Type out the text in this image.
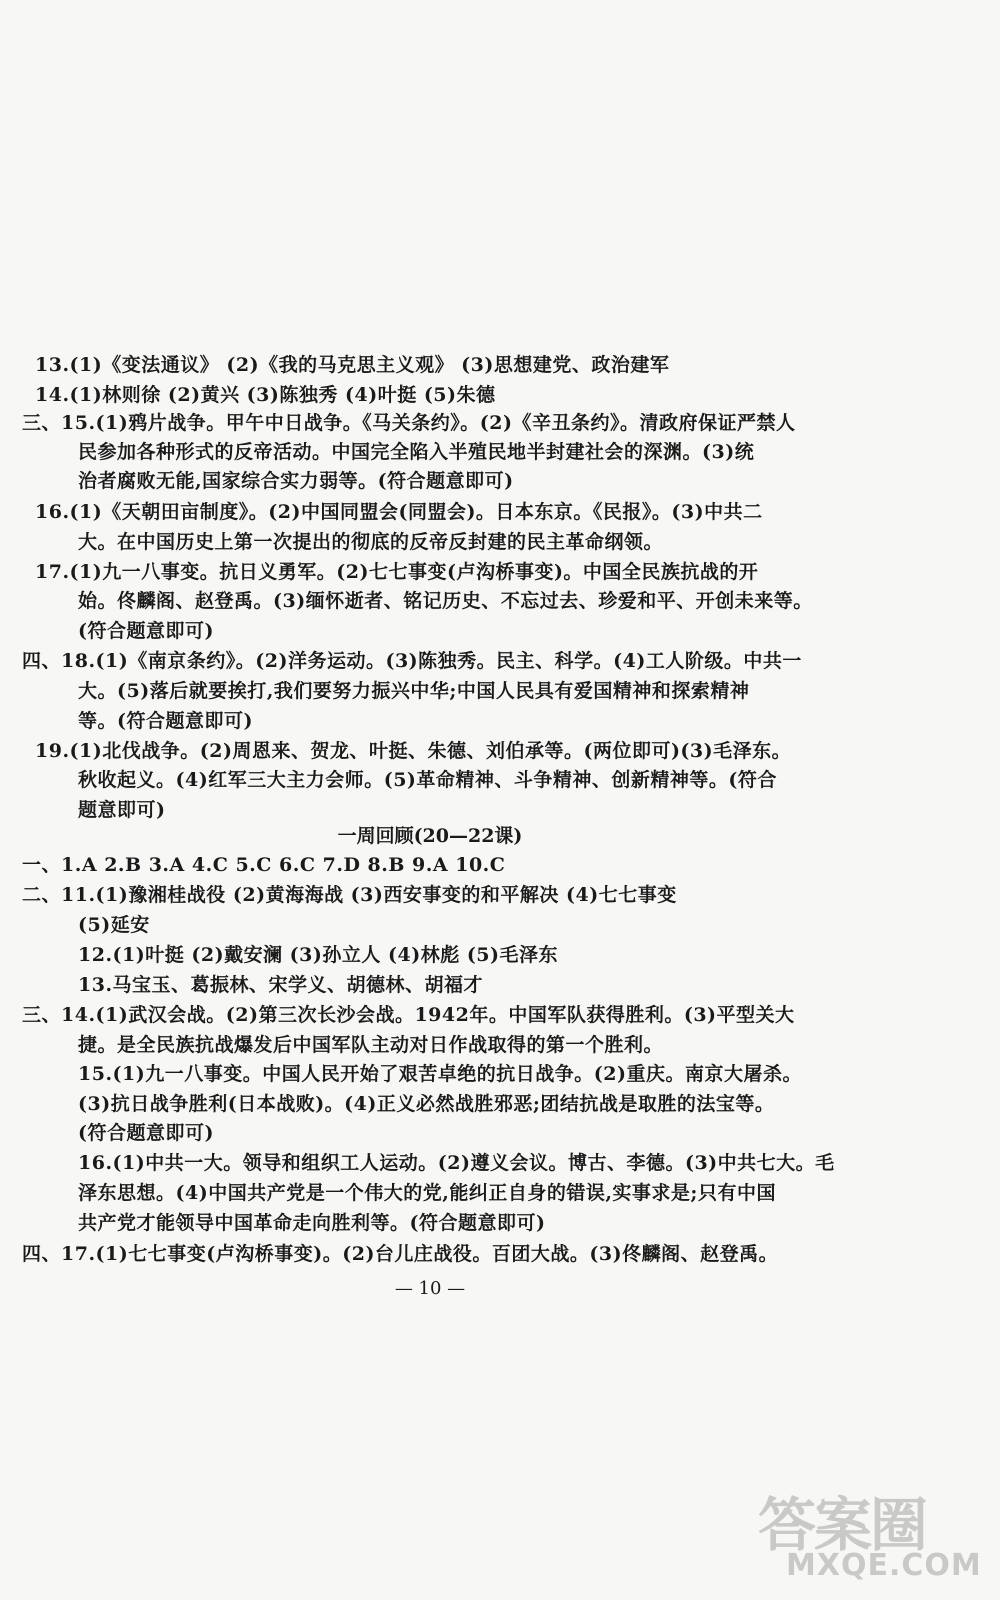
13.(1)《变法通议》 (2)《我的马克思主义观》 (3)思想建党、政治建军
14.(1)林则徐 (2)黄兴 (3)陈独秀 (4)叶挺 (5)朱德
三、15.(1)鸦片战争。甲午中日战争。《马关条约》。(2)《辛丑条约》。清政府保证严禁人
民参加各种形式的反帝活动。中国完全陷入半殖民地半封建社会的深渊。(3)统
治者腐败无能,国家综合实力弱等。(符合题意即可)
16.(1)《天朝田亩制度》。(2)中国同盟会(同盟会)。日本东京。《民报》。(3)中共二
大。在中国历史上第一次提出的彻底的反帝反封建的民主革命纲领。
17.(1)九一八事变。抗日义勇军。(2)七七事变(卢沟桥事变)。中国全民族抗战的开
始。佟麟阁、赵登禹。(3)缅怀逝者、铭记历史、不忘过去、珍爱和平、开创未来等。
(符合题意即可)
四、18.(1)《南京条约》。(2)洋务运动。(3)陈独秀。民主、科学。(4)工人阶级。中共一
大。(5)落后就要挨打,我们要努力振兴中华;中国人民具有爱国精神和探索精神
等。(符合题意即可)
19.(1)北伐战争。(2)周恩来、贺龙、叶挺、朱德、刘伯承等。(两位即可)(3)毛泽东。
秋收起义。(4)红军三大主力会师。(5)革命精神、斗争精神、创新精神等。(符合
题意即可)
一周回顾(20—22课)
一、1.A 2.B 3.A 4.C 5.C 6.C 7.D 8.B 9.A 10.C
二、11.(1)豫湘桂战役 (2)黄海海战 (3)西安事变的和平解决 (4)七七事变
(5)延安
12.(1)叶挺 (2)戴安澜 (3)孙立人 (4)林彪 (5)毛泽东
13.马宝玉、葛振林、宋学义、胡德林、胡福才
三、14.(1)武汉会战。(2)第三次长沙会战。1942年。中国军队获得胜利。(3)平型关大
捷。是全民族抗战爆发后中国军队主动对日作战取得的第一个胜利。
15.(1)九一八事变。中国人民开始了艰苦卓绝的抗日战争。(2)重庆。南京大屠杀。
(3)抗日战争胜利(日本战败)。(4)正义必然战胜邪恶;团结抗战是取胜的法宝等。
(符合题意即可)
16.(1)中共一大。领导和组织工人运动。(2)遵义会议。博古、李德。(3)中共七大。毛
泽东思想。(4)中国共产党是一个伟大的党,能纠正自身的错误,实事求是;只有中国
共产党才能领导中国革命走向胜利等。(符合题意即可)
四、17.(1)七七事变(卢沟桥事变)。(2)台儿庄战役。百团大战。(3)佟麟阁、赵登禹。
— 10 —
答案圈
MXQE.COM
